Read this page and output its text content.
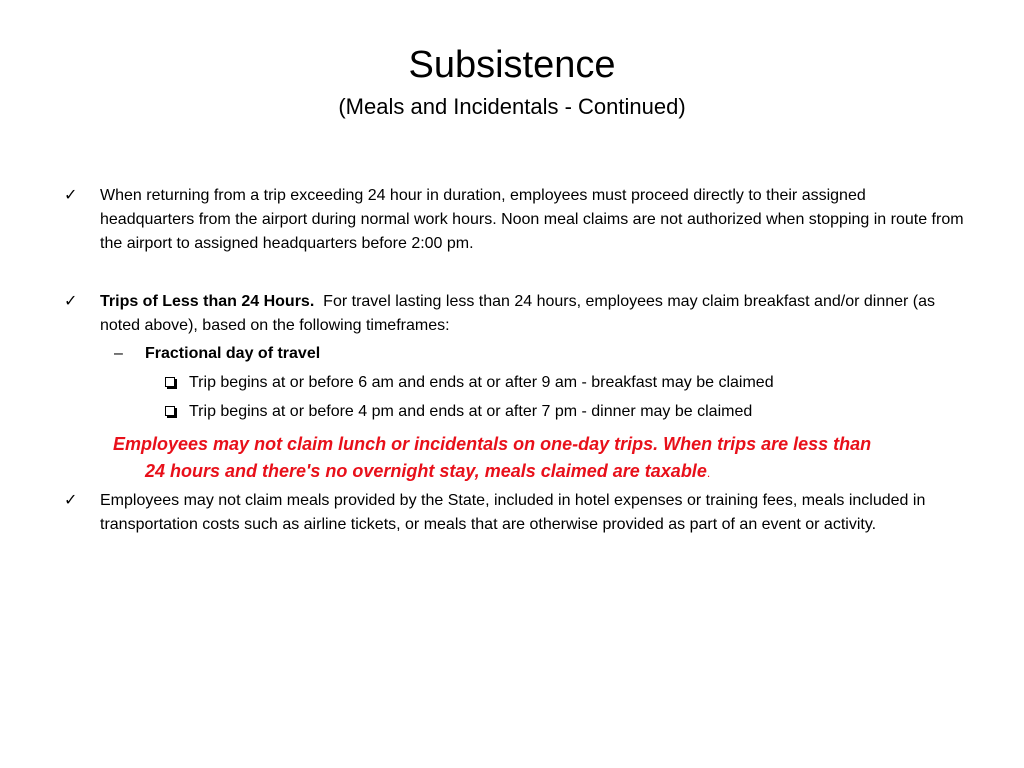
Subsistence
(Meals and Incidentals - Continued)
✓	When returning from a trip exceeding 24 hour in duration, employees must proceed directly to their assigned headquarters from the airport during normal work hours. Noon meal claims are not authorized when stopping in route from the airport to assigned headquarters before 2:00 pm.
✓	Trips of Less than 24 Hours.  For travel lasting less than 24 hours, employees may claim breakfast and/or dinner (as noted above), based on the following timeframes:
– Fractional day of travel
Trip begins at or before 6 am and ends at or after 9 am - breakfast may be claimed
Trip begins at or before 4 pm and ends at or after 7 pm - dinner may be claimed
Employees may not claim lunch or incidentals on one-day trips. When trips are less than
24 hours and there's no overnight stay, meals claimed are taxable.
✓	Employees may not claim meals provided by the State, included in hotel expenses or training fees, meals included in transportation costs such as airline tickets, or meals that are otherwise provided as part of an event or activity.
